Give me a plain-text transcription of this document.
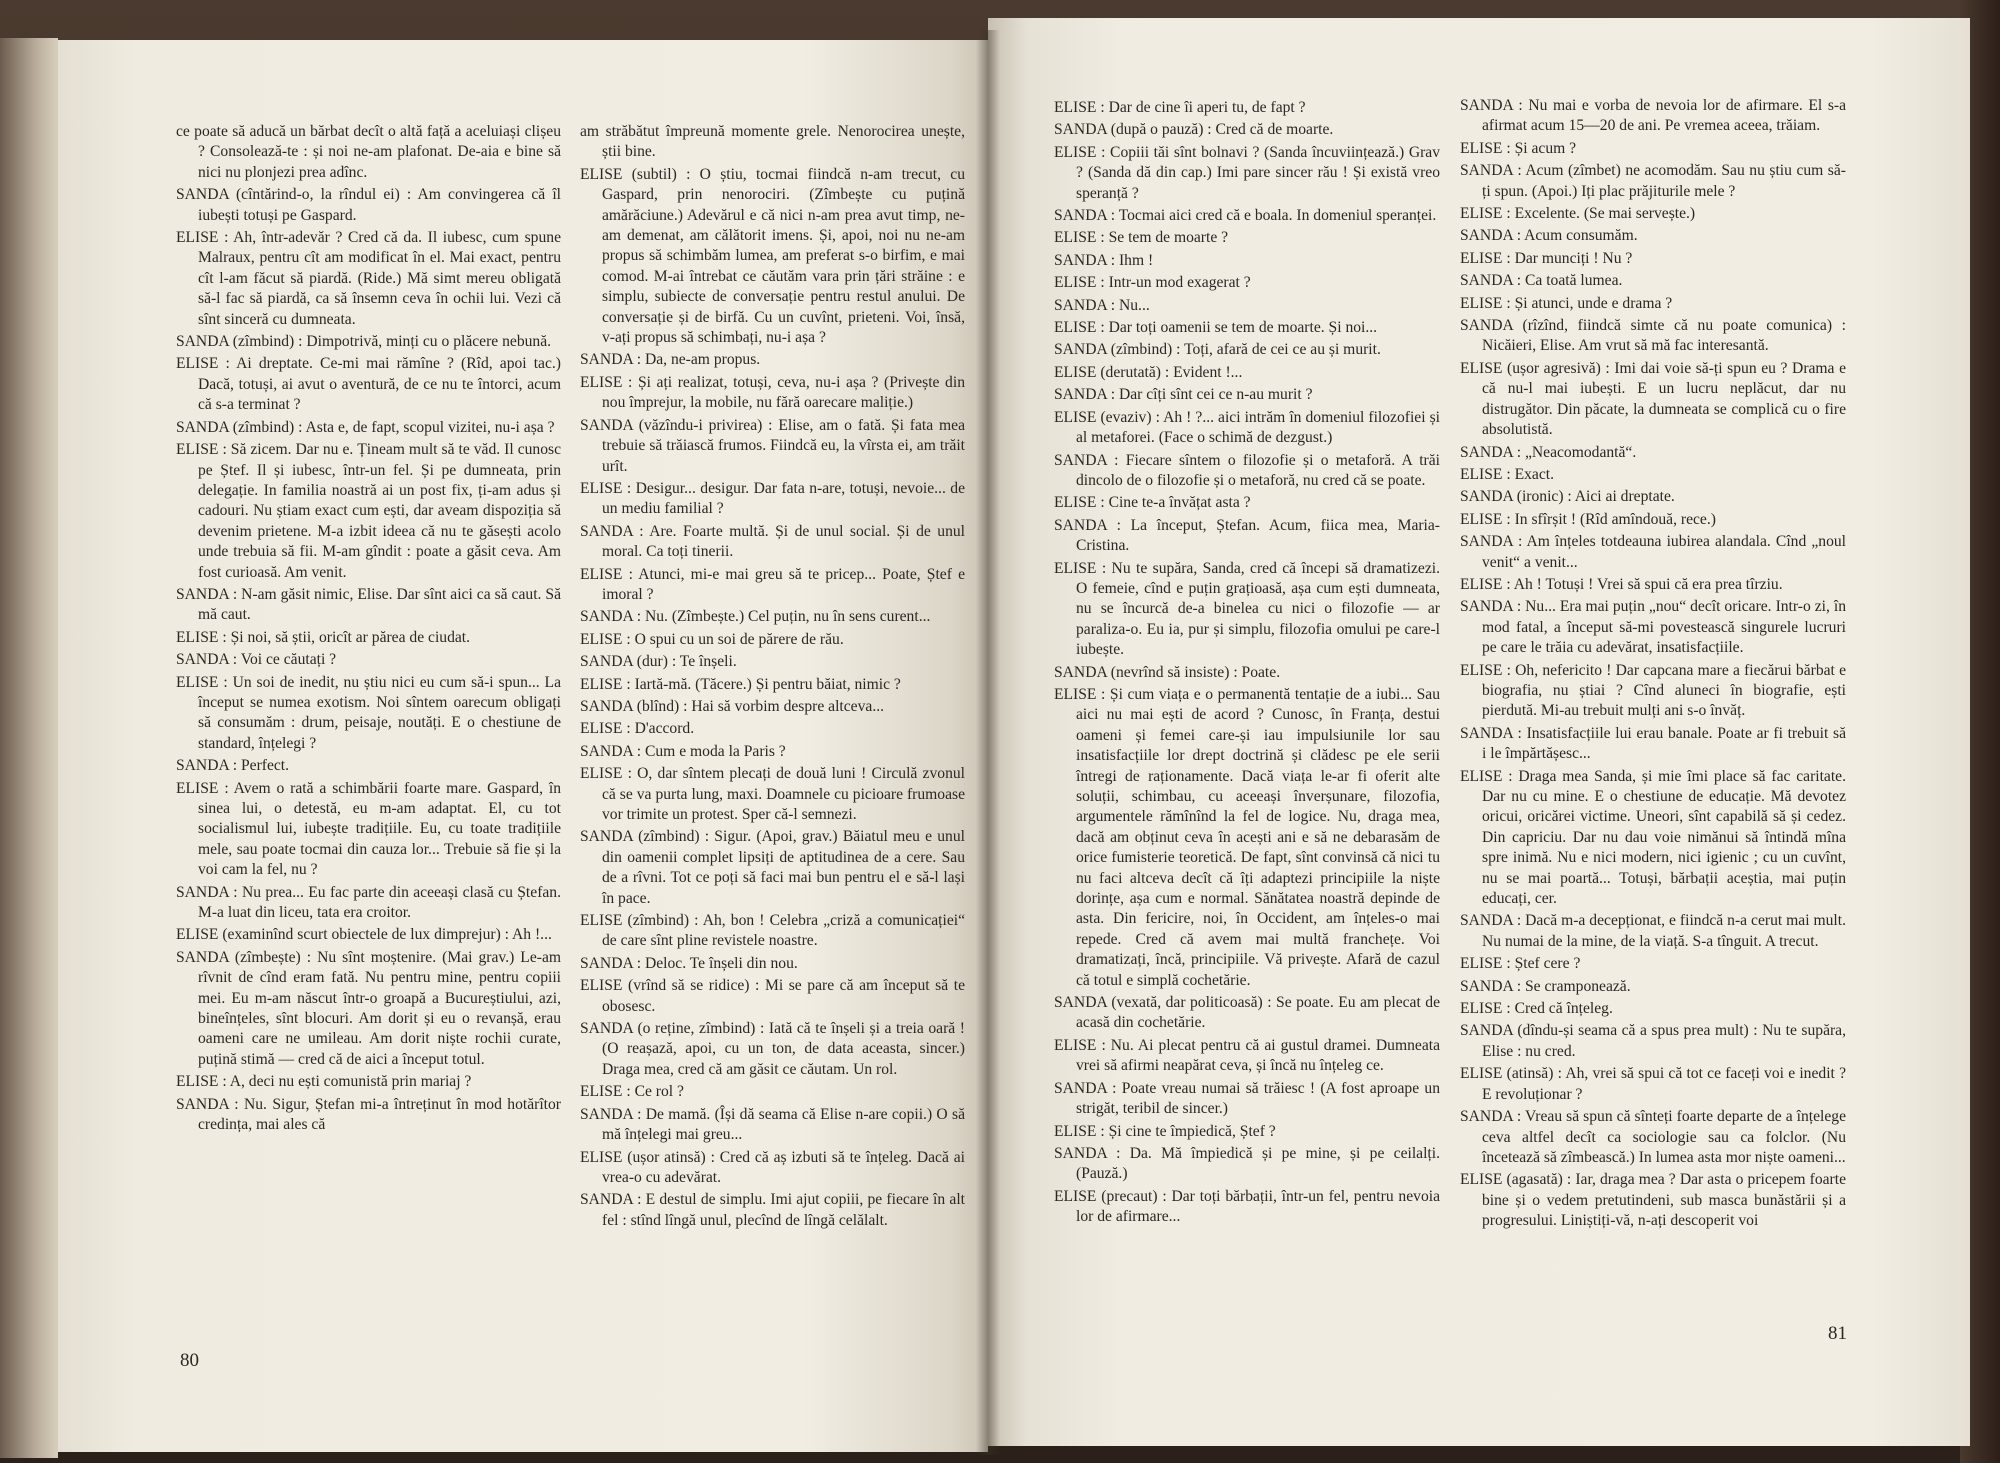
ce poate să aducă un bărbat decît o altă față a aceluiași clișeu ? Consolează-te : și noi ne-am plafonat. De-aia e bine să nici nu plonjezi prea adînc.

SANDA (cîntărind-o, la rîndul ei) : Am convingerea că îl iubești totuși pe Gaspard.

ELISE : Ah, într-adevăr ? Cred că da. Il iubesc, cum spune Malraux, pentru cît am modificat în el. Mai exact, pentru cît l-am făcut să piardă. (Ride.) Mă simt mereu obligată să-l fac să piardă, ca să însemn ceva în ochii lui. Vezi că sînt sinceră cu dumneata.

SANDA (zîmbind) : Dimpotrivă, minți cu o plăcere nebună.

ELISE : Ai dreptate. Ce-mi mai rămîne ? (Rîd, apoi tac.) Dacă, totuși, ai avut o aventură, de ce nu te întorci, acum că s-a terminat ?

SANDA (zîmbind) : Asta e, de fapt, scopul vizitei, nu-i așa ?

ELISE : Să zicem. Dar nu e. Țineam mult să te văd. Il cunosc pe Ștef. Il și iubesc, într-un fel. Și pe dumneata, prin delegație. In familia noastră ai un post fix, ți-am adus și cadouri. Nu știam exact cum ești, dar aveam dispoziția să devenim prietene. M-a izbit ideea că nu te găsești acolo unde trebuia să fii. M-am gîndit : poate a găsit ceva. Am fost curioasă. Am venit.

SANDA : N-am găsit nimic, Elise. Dar sînt aici ca să caut. Să mă caut.

ELISE : Și noi, să știi, oricît ar părea de ciudat.

SANDA : Voi ce căutați ?

ELISE : Un soi de inedit, nu știu nici eu cum să-i spun... La început se numea exotism. Noi sîntem oarecum obligați să consumăm : drum, peisaje, noutăți. E o chestiune de standard, înțelegi ?

SANDA : Perfect.

ELISE : Avem o rată a schimbării foarte mare. Gaspard, în sinea lui, o detestă, eu m-am adaptat. El, cu tot socialismul lui, iubește tradițiile. Eu, cu toate tradițiile mele, sau poate tocmai din cauza lor... Trebuie să fie și la voi cam la fel, nu ?

SANDA : Nu prea... Eu fac parte din aceeași clasă cu Ștefan. M-a luat din liceu, tata era croitor.

ELISE (examinînd scurt obiectele de lux dimprejur) : Ah !...

SANDA (zîmbește) : Nu sînt moștenire. (Mai grav.) Le-am rîvnit de cînd eram fată. Nu pentru mine, pentru copiii mei. Eu m-am născut într-o groapă a Bucureștiului, azi, bineînțeles, sînt blocuri. Am dorit și eu o revanșă, erau oameni care ne umileau. Am dorit niște rochii curate, puțină stimă — cred că de aici a început totul.

ELISE : A, deci nu ești comunistă prin mariaj ?

SANDA : Nu. Sigur, Ștefan mi-a întreținut în mod hotărîtor credința, mai ales că

am străbătut împreună momente grele. Nenorocirea unește, știi bine.

ELISE (subtil) : O știu, tocmai fiindcă n-am trecut, cu Gaspard, prin nenorociri. (Zîmbește cu puțină amărăciune.) Adevărul e că nici n-am prea avut timp, ne-am demenat, am călătorit imens. Și, apoi, noi nu ne-am propus să schimbăm lumea, am preferat s-o birfim, e mai comod. M-ai întrebat ce căutăm vara prin țări străine : e simplu, subiecte de conversație pentru restul anului. De conversație și de birfă. Cu un cuvînt, prieteni. Voi, însă, v-ați propus să schimbați, nu-i așa ?

SANDA : Da, ne-am propus.

ELISE : Și ați realizat, totuși, ceva, nu-i așa ? (Privește din nou împrejur, la mobile, nu fără oarecare maliție.)

SANDA (văzîndu-i privirea) : Elise, am o fată. Și fata mea trebuie să trăiască frumos. Fiindcă eu, la vîrsta ei, am trăit urît.

ELISE : Desigur... desigur. Dar fata n-are, totuși, nevoie... de un mediu familial ?

SANDA : Are. Foarte multă. Și de unul social. Și de unul moral. Ca toți tinerii.

ELISE : Atunci, mi-e mai greu să te pricep... Poate, Ștef e imoral ?

SANDA : Nu. (Zîmbește.) Cel puțin, nu în sens curent...

ELISE : O spui cu un soi de părere de rău.

SANDA (dur) : Te înșeli.

ELISE : Iartă-mă. (Tăcere.) Și pentru băiat, nimic ?

SANDA (blînd) : Hai să vorbim despre altceva...

ELISE : D'accord.

SANDA : Cum e moda la Paris ?

ELISE : O, dar sîntem plecați de două luni ! Circulă zvonul că se va purta lung, maxi. Doamnele cu picioare frumoase vor trimite un protest. Sper că-l semnezi.

SANDA (zîmbind) : Sigur. (Apoi, grav.) Băiatul meu e unul din oamenii complet lipsiți de aptitudinea de a cere. Sau de a rîvni. Tot ce poți să faci mai bun pentru el e să-l lași în pace.

ELISE (zîmbind) : Ah, bon ! Celebra „criză a comunicației“ de care sînt pline revistele noastre.

SANDA : Deloc. Te înșeli din nou.

ELISE (vrînd să se ridice) : Mi se pare că am început să te obosesc.

SANDA (o reține, zîmbind) : Iată că te înșeli și a treia oară ! (O reașază, apoi, cu un ton, de data aceasta, sincer.) Draga mea, cred că am găsit ce căutam. Un rol.

ELISE : Ce rol ?

SANDA : De mamă. (Își dă seama că Elise n-are copii.) O să mă înțelegi mai greu...

ELISE (ușor atinsă) : Cred că aș izbuti să te înțeleg. Dacă ai vrea-o cu adevărat.

SANDA : E destul de simplu. Imi ajut copiii, pe fiecare în alt fel : stînd lîngă unul, plecînd de lîngă celălalt.

80

ELISE : Dar de cine îi aperi tu, de fapt ?

SANDA (după o pauză) : Cred că de moarte.

ELISE : Copiii tăi sînt bolnavi ? (Sanda încuviințează.) Grav ? (Sanda dă din cap.) Imi pare sincer rău ! Și există vreo speranță ?

SANDA : Tocmai aici cred că e boala. In domeniul speranței.

ELISE : Se tem de moarte ?

SANDA : Ihm !

ELISE : Intr-un mod exagerat ?

SANDA : Nu...

ELISE : Dar toți oamenii se tem de moarte. Și noi...

SANDA (zîmbind) : Toți, afară de cei ce au și murit.

ELISE (derutată) : Evident !...

SANDA : Dar cîți sînt cei ce n-au murit ?

ELISE (evaziv) : Ah ! ?... aici intrăm în domeniul filozofiei și al metaforei. (Face o schimă de dezgust.)

SANDA : Fiecare sîntem o filozofie și o metaforă. A trăi dincolo de o filozofie și o metaforă, nu cred că se poate.

ELISE : Cine te-a învățat asta ?

SANDA : La început, Ștefan. Acum, fiica mea, Maria-Cristina.

ELISE : Nu te supăra, Sanda, cred că începi să dramatizezi. O femeie, cînd e puțin grațioasă, așa cum ești dumneata, nu se încurcă de-a binelea cu nici o filozofie — ar paraliza-o. Eu ia, pur și simplu, filozofia omului pe care-l iubește.

SANDA (nevrînd să insiste) : Poate.

ELISE : Și cum viața e o permanentă tentație de a iubi... Sau aici nu mai ești de acord ? Cunosc, în Franța, destui oameni și femei care-și iau impulsiunile lor sau insatisfacțiile lor drept doctrină și clădesc pe ele serii întregi de raționamente. Dacă viața le-ar fi oferit alte soluții, schimbau, cu aceeași înverșunare, filozofia, argumentele rămînînd la fel de logice. Nu, draga mea, dacă am obținut ceva în acești ani e să ne debarasăm de orice fumisterie teoretică. De fapt, sînt convinsă că nici tu nu faci altceva decît că îți adaptezi principiile la niște dorințe, așa cum e normal. Sănătatea noastră depinde de asta. Din fericire, noi, în Occident, am înțeles-o mai repede. Cred că avem mai multă franchețe. Voi dramatizați, încă, principiile. Vă privește. Afară de cazul că totul e simplă cochetărie.

SANDA (vexată, dar politicoasă) : Se poate. Eu am plecat de acasă din cochetărie.

ELISE : Nu. Ai plecat pentru că ai gustul dramei. Dumneata vrei să afirmi neapărat ceva, și încă nu înțeleg ce.

SANDA : Poate vreau numai să trăiesc ! (A fost aproape un strigăt, teribil de sincer.)

ELISE : Și cine te împiedică, Ștef ?

SANDA : Da. Mă împiedică și pe mine, și pe ceilalți. (Pauză.)

ELISE (precaut) : Dar toți bărbații, într-un fel, pentru nevoia lor de afirmare...

SANDA : Nu mai e vorba de nevoia lor de afirmare. El s-a afirmat acum 15—20 de ani. Pe vremea aceea, trăiam.

ELISE : Și acum ?

SANDA : Acum (zîmbet) ne acomodăm. Sau nu știu cum să-ți spun. (Apoi.) Iți plac prăjiturile mele ?

ELISE : Excelente. (Se mai servește.)

SANDA : Acum consumăm.

ELISE : Dar munciți ! Nu ?

SANDA : Ca toată lumea.

ELISE : Și atunci, unde e drama ?

SANDA (rîzînd, fiindcă simte că nu poate comunica) : Nicăieri, Elise. Am vrut să mă fac interesantă.

ELISE (ușor agresivă) : Imi dai voie să-ți spun eu ? Drama e că nu-l mai iubești. E un lucru neplăcut, dar nu distrugător. Din păcate, la dumneata se complică cu o fire absolutistă.

SANDA : „Neacomodantă“.

ELISE : Exact.

SANDA (ironic) : Aici ai dreptate.

ELISE : In sfîrșit ! (Rîd amîndouă, rece.)

SANDA : Am înțeles totdeauna iubirea alandala. Cînd „noul venit“ a venit...

ELISE : Ah ! Totuși ! Vrei să spui că era prea tîrziu.

SANDA : Nu... Era mai puțin „nou“ decît oricare. Intr-o zi, în mod fatal, a început să-mi povestească singurele lucruri pe care le trăia cu adevărat, insatisfacțiile.

ELISE : Oh, nefericito ! Dar capcana mare a fiecărui bărbat e biografia, nu știai ? Cînd aluneci în biografie, ești pierdută. Mi-au trebuit mulți ani s-o învăț.

SANDA : Insatisfacțiile lui erau banale. Poate ar fi trebuit să i le împărtășesc...

ELISE : Draga mea Sanda, și mie îmi place să fac caritate. Dar nu cu mine. E o chestiune de educație. Mă devotez oricui, oricărei victime. Uneori, sînt capabilă să și cedez. Din capriciu. Dar nu dau voie nimănui să întindă mîna spre inimă. Nu e nici modern, nici igienic ; cu un cuvînt, nu se mai poartă... Totuși, bărbații aceștia, mai puțin educați, cer.

SANDA : Dacă m-a decepționat, e fiindcă n-a cerut mai mult. Nu numai de la mine, de la viață. S-a tînguit. A trecut.

ELISE : Ștef cere ?

SANDA : Se cramponează.

ELISE : Cred că înțeleg.

SANDA (dîndu-și seama că a spus prea mult) : Nu te supăra, Elise : nu cred.

ELISE (atinsă) : Ah, vrei să spui că tot ce faceți voi e inedit ? E revoluționar ?

SANDA : Vreau să spun că sînteți foarte departe de a înțelege ceva altfel decît ca sociologie sau ca folclor. (Nu încetează să zîmbească.) In lumea asta mor niște oameni...

ELISE (agasată) : Iar, draga mea ? Dar asta o pricepem foarte bine și o vedem pretutindeni, sub masca bunăstării și a progresului. Liniștiți-vă, n-ați descoperit voi

81
